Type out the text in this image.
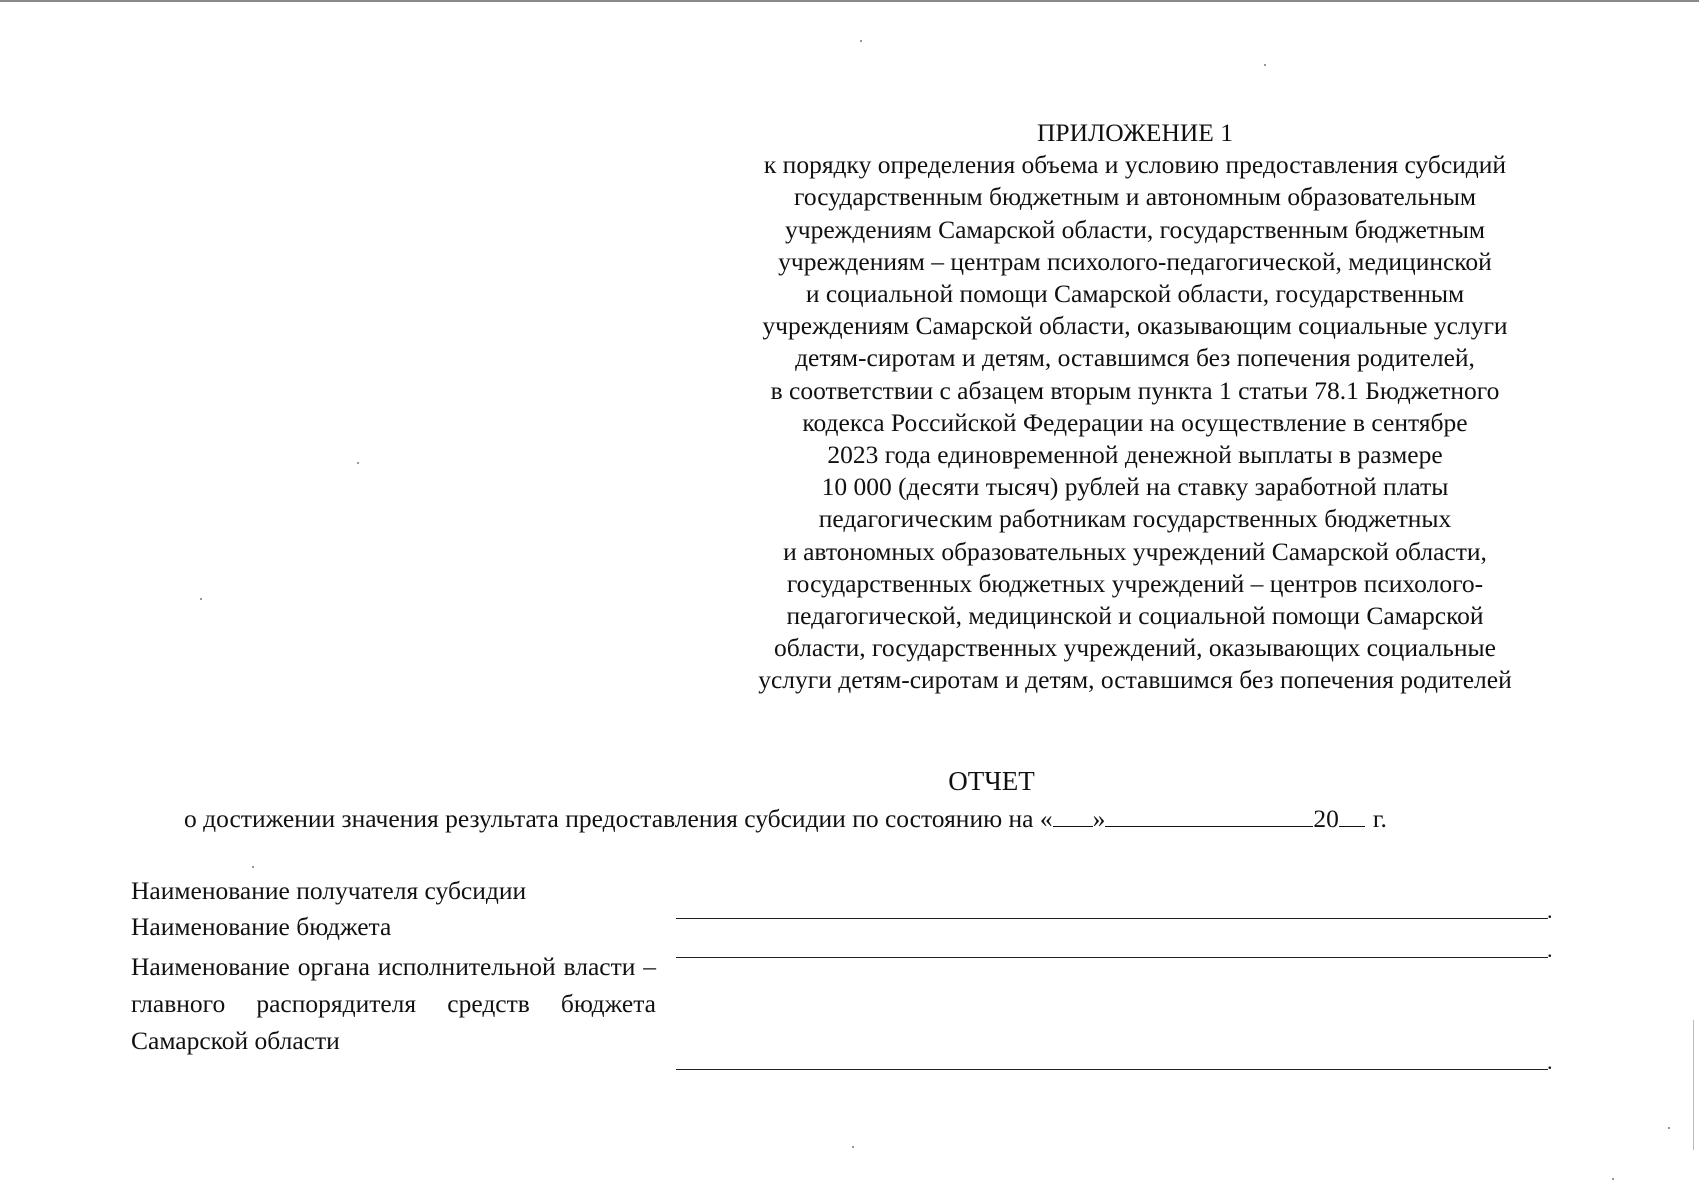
ПРИЛОЖЕНИЕ 1
к порядку определения объема и условию предоставления субсидий
государственным бюджетным и автономным образовательным
учреждениям Самарской области, государственным бюджетным
учреждениям – центрам психолого-педагогической, медицинской
и социальной помощи Самарской области, государственным
учреждениям Самарской области, оказывающим социальные услуги
детям-сиротам и детям, оставшимся без попечения родителей,
в соответствии с абзацем вторым пункта 1 статьи 78.1 Бюджетного
кодекса Российской Федерации на осуществление в сентябре
2023 года единовременной денежной выплаты в размере
10 000 (десяти тысяч) рублей на ставку заработной платы
педагогическим работникам государственных бюджетных
и автономных образовательных учреждений Самарской области,
государственных бюджетных учреждений – центров психолого-
педагогической, медицинской и социальной помощи Самарской
области, государственных учреждений, оказывающих социальные
услуги детям-сиротам и детям, оставшимся без попечения родителей
ОТЧЕТ
о достижении значения результата предоставления субсидии по состоянию на « »	20 г.
Наименование получателя субсидии
.
Наименование бюджета
.
Наименование органа исполнительной власти – главного распорядителя средств бюджета Самарской области
.
